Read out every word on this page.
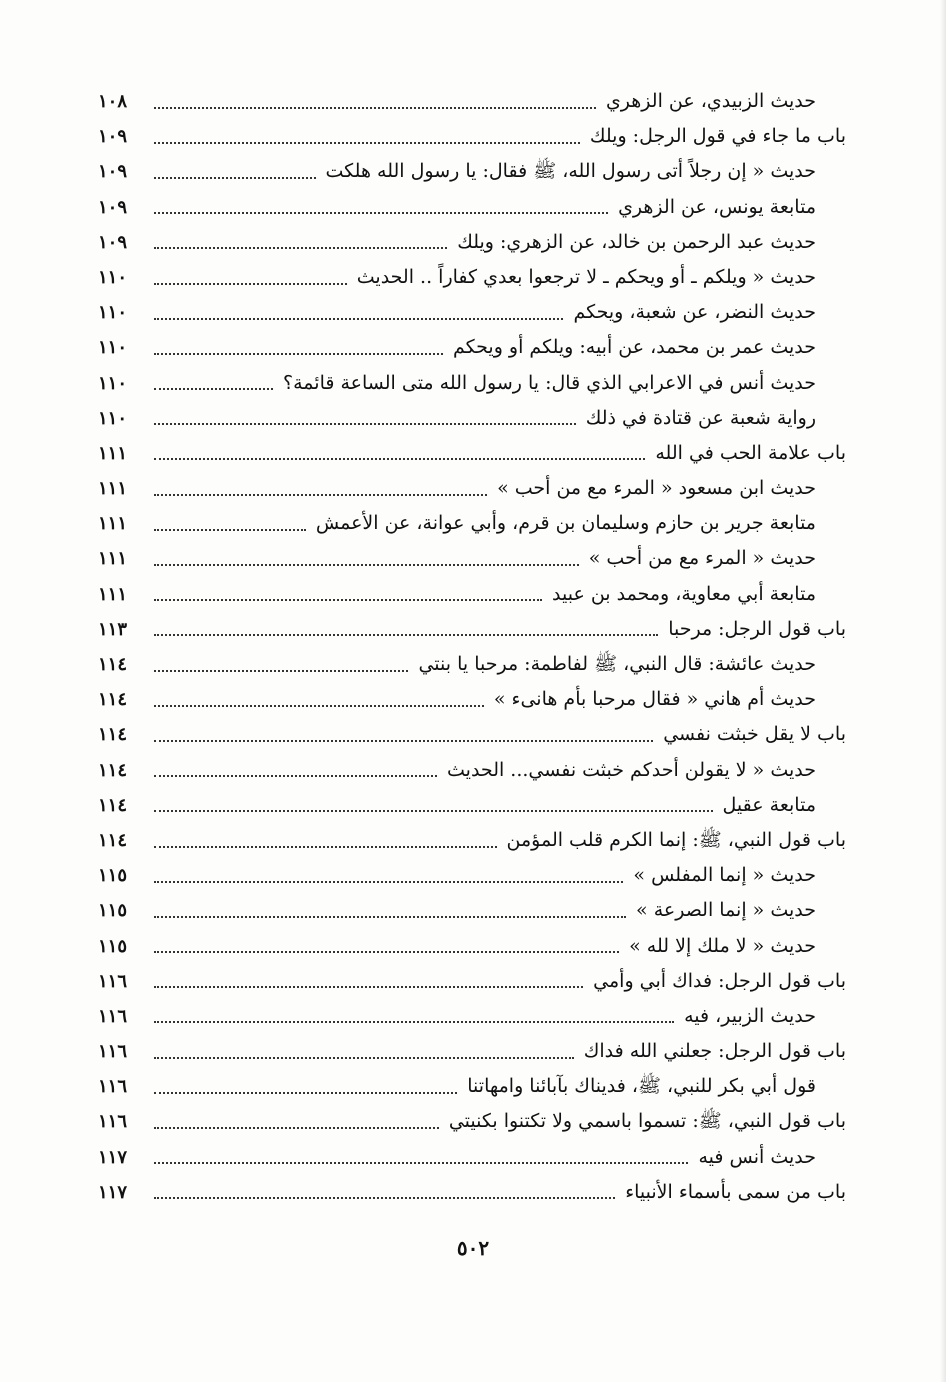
حديث الزبيدي، عن الزهري
١٠٨
باب ما جاء في قول الرجل: ويلك
١٠٩
حديث « إن رجلاً أتى رسول الله، ﷺ فقال: يا رسول الله هلكت
١٠٩
متابعة يونس، عن الزهري
١٠٩
حديث عبد الرحمن بن خالد، عن الزهري: ويلك
١٠٩
حديث « ويلكم ـ أو ويحكم ـ لا ترجعوا بعدي كفاراً .. الحديث
١١٠
حديث النضر، عن شعبة، ويحكم
١١٠
حديث عمر بن محمد، عن أبيه: ويلكم أو ويحكم
١١٠
حديث أنس في الاعرابي الذي قال: يا رسول الله متى الساعة قائمة؟
١١٠
رواية شعبة عن قتادة في ذلك
١١٠
باب علامة الحب في الله
١١١
حديث ابن مسعود « المرء مع من أحب »
١١١
متابعة جرير بن حازم وسليمان بن قرم، وأبي عوانة، عن الأعمش
١١١
حديث « المرء مع من أحب »
١١١
متابعة أبي معاوية، ومحمد بن عبيد
١١١
باب قول الرجل: مرحبا
١١٣
حديث عائشة: قال النبي، ﷺ لفاطمة: مرحبا يا بنتي
١١٤
حديث أم هاني « فقال مرحبا بأم هانىء »
١١٤
باب لا يقل خبثت نفسي
١١٤
حديث « لا يقولن أحدكم خبثت نفسي... الحديث
١١٤
متابعة عقيل
١١٤
باب قول النبي، ﷺ: إنما الكرم قلب المؤمن
١١٤
حديث « إنما المفلس »
١١٥
حديث « إنما الصرعة »
١١٥
حديث « لا ملك إلا لله »
١١٥
باب قول الرجل: فداك أبي وأمي
١١٦
حديث الزبير، فيه
١١٦
باب قول الرجل: جعلني الله فداك
١١٦
قول أبي بكر للنبي، ﷺ، فديناك بآبائنا وامهاتنا
١١٦
باب قول النبي، ﷺ: تسموا باسمي ولا تكتنوا بكنيتي
١١٦
حديث أنس فيه
١١٧
باب من سمى بأسماء الأنبياء
١١٧
٥٠٢
